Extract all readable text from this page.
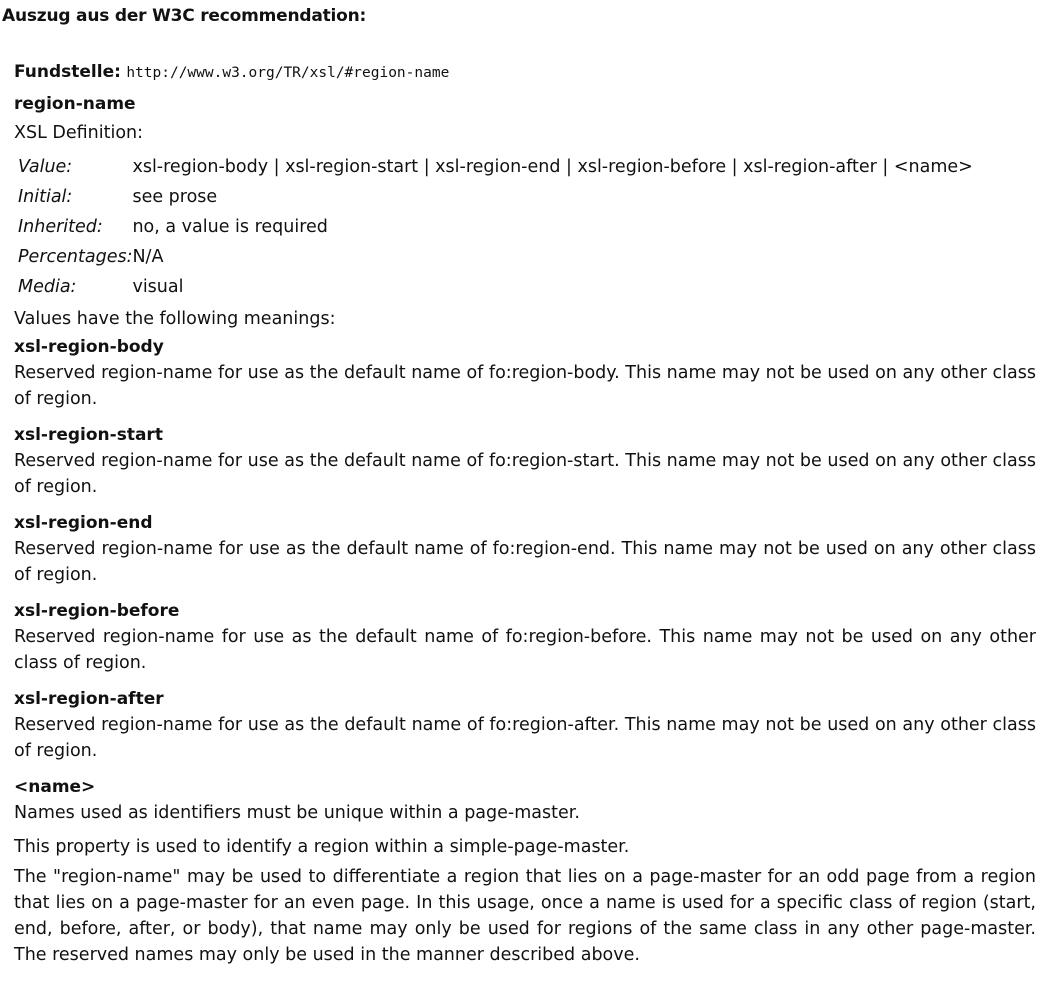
Auszug aus der W3C recommendation:
Fundstelle: http://www.w3.org/TR/xsl/#region-name
region-name
XSL Definition:
Value:	xsl-region-body | xsl-region-start | xsl-region-end | xsl-region-before | xsl-region-after | <name>
Initial:	see prose
Inherited:	no, a value is required
Percentages:	N/A
Media:	visual
Values have the following meanings:
xsl-region-body
Reserved region-name for use as the default name of fo:region-body. This name may not be used on any other class of region.
xsl-region-start
Reserved region-name for use as the default name of fo:region-start. This name may not be used on any other class of region.
xsl-region-end
Reserved region-name for use as the default name of fo:region-end. This name may not be used on any other class of region.
xsl-region-before
Reserved region-name for use as the default name of fo:region-before. This name may not be used on any other class of region.
xsl-region-after
Reserved region-name for use as the default name of fo:region-after. This name may not be used on any other class of region.
<name>
Names used as identifiers must be unique within a page-master.
This property is used to identify a region within a simple-page-master.
The "region-name" may be used to differentiate a region that lies on a page-master for an odd page from a region that lies on a page-master for an even page. In this usage, once a name is used for a specific class of region (start, end, before, after, or body), that name may only be used for regions of the same class in any other page-master. The reserved names may only be used in the manner described above.
